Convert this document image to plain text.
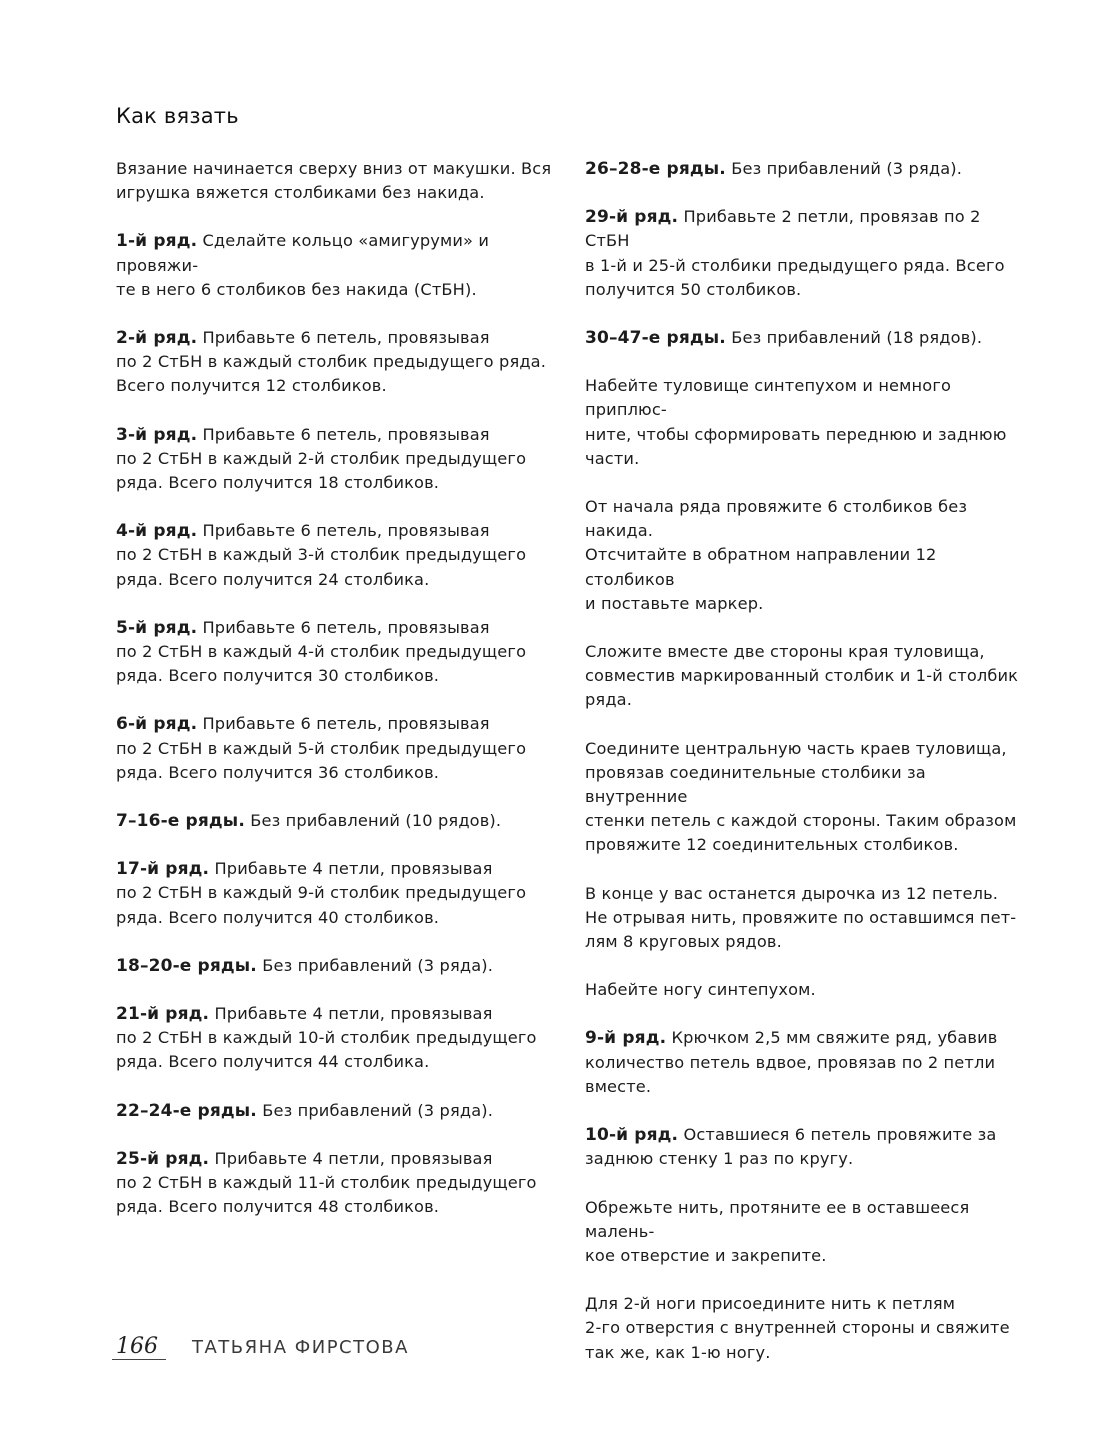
Как вязать

Вязание начинается сверху вниз от макушки. Вся
игрушка вяжется столбиками без накида.

1-й ряд. Сделайте кольцо «амигуруми» и провяжи-
те в него 6 столбиков без накида (СтБН).

2-й ряд. Прибавьте 6 петель, провязывая
по 2 СтБН в каждый столбик предыдущего ряда.
Всего получится 12 столбиков.

3-й ряд. Прибавьте 6 петель, провязывая
по 2 СтБН в каждый 2-й столбик предыдущего
ряда. Всего получится 18 столбиков.

4-й ряд. Прибавьте 6 петель, провязывая
по 2 СтБН в каждый 3-й столбик предыдущего
ряда. Всего получится 24 столбика.

5-й ряд. Прибавьте 6 петель, провязывая
по 2 СтБН в каждый 4-й столбик предыдущего
ряда. Всего получится 30 столбиков.

6-й ряд. Прибавьте 6 петель, провязывая
по 2 СтБН в каждый 5-й столбик предыдущего
ряда. Всего получится 36 столбиков.

7–16-е ряды. Без прибавлений (10 рядов).

17-й ряд. Прибавьте 4 петли, провязывая
по 2 СтБН в каждый 9-й столбик предыдущего
ряда. Всего получится 40 столбиков.

18–20-е ряды. Без прибавлений (3 ряда).

21-й ряд. Прибавьте 4 петли, провязывая
по 2 СтБН в каждый 10-й столбик предыдущего
ряда. Всего получится 44 столбика.

22–24-е ряды. Без прибавлений (3 ряда).

25-й ряд. Прибавьте 4 петли, провязывая
по 2 СтБН в каждый 11-й столбик предыдущего
ряда. Всего получится 48 столбиков.

26–28-е ряды. Без прибавлений (3 ряда).

29-й ряд. Прибавьте 2 петли, провязав по 2 СтБН
в 1-й и 25-й столбики предыдущего ряда. Всего
получится 50 столбиков.

30–47-е ряды. Без прибавлений (18 рядов).

Набейте туловище синтепухом и немного приплюс-
ните, чтобы сформировать переднюю и заднюю
части.

От начала ряда провяжите 6 столбиков без накида.
Отсчитайте в обратном направлении 12 столбиков
и поставьте маркер.

Сложите вместе две стороны края туловища,
совместив маркированный столбик и 1-й столбик
ряда.

Соедините центральную часть краев туловища,
провязав соединительные столбики за внутренние
стенки петель с каждой стороны. Таким образом
провяжите 12 соединительных столбиков.

В конце у вас останется дырочка из 12 петель.
Не отрывая нить, провяжите по оставшимся пет-
лям 8 круговых рядов.

Набейте ногу синтепухом.

9-й ряд. Крючком 2,5 мм свяжите ряд, убавив
количество петель вдвое, провязав по 2 петли
вместе.

10-й ряд. Оставшиеся 6 петель провяжите за
заднюю стенку 1 раз по кругу.

Обрежьте нить, протяните ее в оставшееся малень-
кое отверстие и закрепите.

Для 2-й ноги присоедините нить к петлям
2-го отверстия с внутренней стороны и свяжите
так же, как 1-ю ногу.

166	ТАТЬЯНА ФИРСТОВА
